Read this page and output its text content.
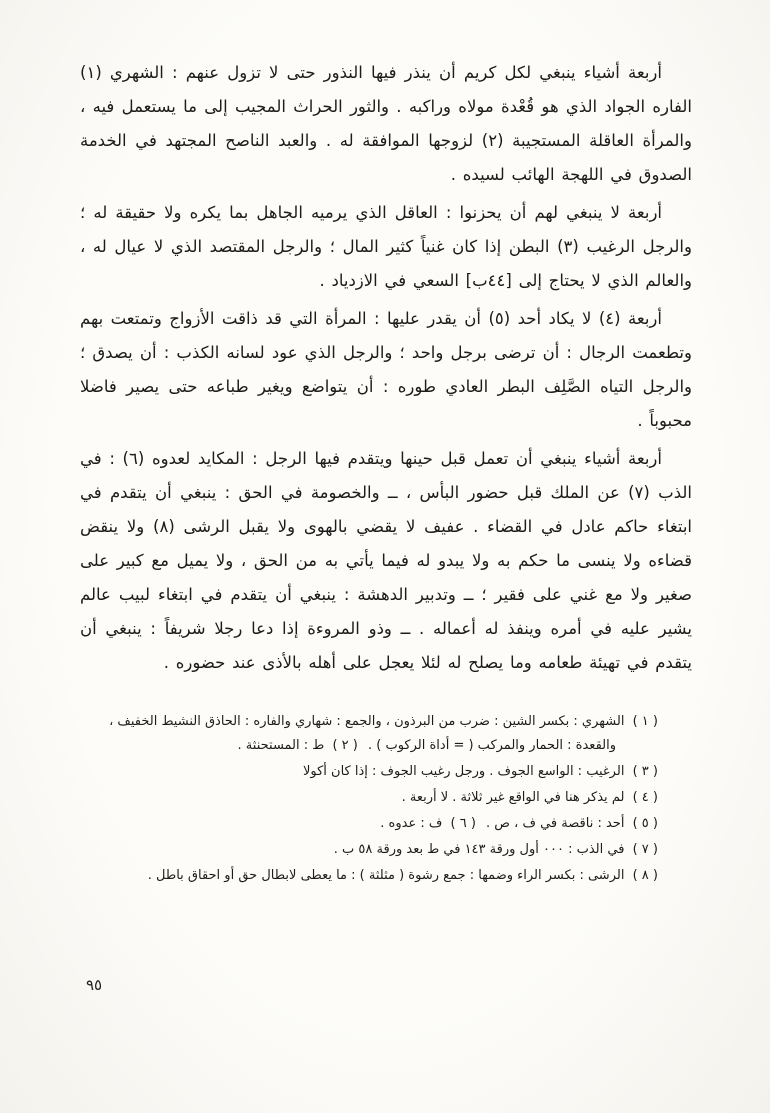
أربعة أشياء ينبغي لكل كريم أن ينذر فيها النذور حتى لا تزول عنهم : الشهري (١) الفاره الجواد الذي هو قُعْدة مولاه وراكبه . والثور الحراث المجيب إلى ما يستعمل فيه ، والمرأة العاقلة المستجيبة (٢) لزوجها الموافقة له . والعبد الناصح المجتهد في الخدمة الصدوق في اللهجة الهائب لسيده .

أربعة لا ينبغي لهم أن يحزنوا : العاقل الذي يرميه الجاهل بما يكره ولا حقيقة له ؛ والرجل الرغيب (٣) البطن إذا كان غنياً كثير المال ؛ والرجل المقتصد الذي لا عيال له ، والعالم الذي لا يحتاج إلى [٤٤ب] السعي في الازدياد .

أربعة (٤) لا يكاد أحد (٥) أن يقدر عليها : المرأة التي قد ذاقت الأزواج وتمتعت بهم وتطعمت الرجال : أن ترضى برجل واحد ؛ والرجل الذي عود لسانه الكذب : أن يصدق ؛ والرجل التياه الصَّلِف البطر العادي طوره : أن يتواضع ويغير طباعه حتى يصير فاضلا محبوباً .

أربعة أشياء ينبغي أن تعمل قبل حينها ويتقدم فيها الرجل : المكايد لعدوه (٦) : في الذب (٧) عن الملك قبل حضور البأس ، ــ والخصومة في الحق : ينبغي أن يتقدم في ابتغاء حاكم عادل في القضاء . عفيف لا يقضي بالهوى ولا يقبل الرشى (٨) ولا ينقض قضاءه ولا ينسى ما حكم به ولا يبدو له فيما يأتي به من الحق ، ولا يميل مع كبير على صغير ولا مع غني على فقير ؛ ــ وتدبير الدهشة : ينبغي أن يتقدم في ابتغاء لبيب عالم يشير عليه في أمره وينفذ له أعماله . ــ وذو المروءة إذا دعا رجلا شريفاً : ينبغي أن يتقدم في تهيئة طعامه وما يصلح له لئلا يعجل على أهله بالأذى عند حضوره .

( ١ ) الشهري : بكسر الشين : ضرب من البرذون ، والجمع : شهاري والفاره : الحاذق النشيط الخفيف ، والقعدة : الحمار والمركب ( = أداة الركوب ) . ( ٢ ) ط : المستحنثة .

( ٣ ) الرغيب : الواسع الجوف . ورجل رغيب الجوف : إذا كان أكولا

( ٤ ) لم يذكر هنا في الواقع غير ثلاثة . لا أربعة .

( ٥ ) أحد : ناقصة في ف ، ص . ( ٦ ) ف : عدوه .

( ٧ ) في الذب : ٠٠٠ أول ورقة ١٤٣ في ط بعد ورقة ٥٨ ب .

( ٨ ) الرشى : بكسر الراء وضمها : جمع رشوة ( مثلثة ) : ما يعطى لابطال حق أو احقاق باطل .

٩٥
